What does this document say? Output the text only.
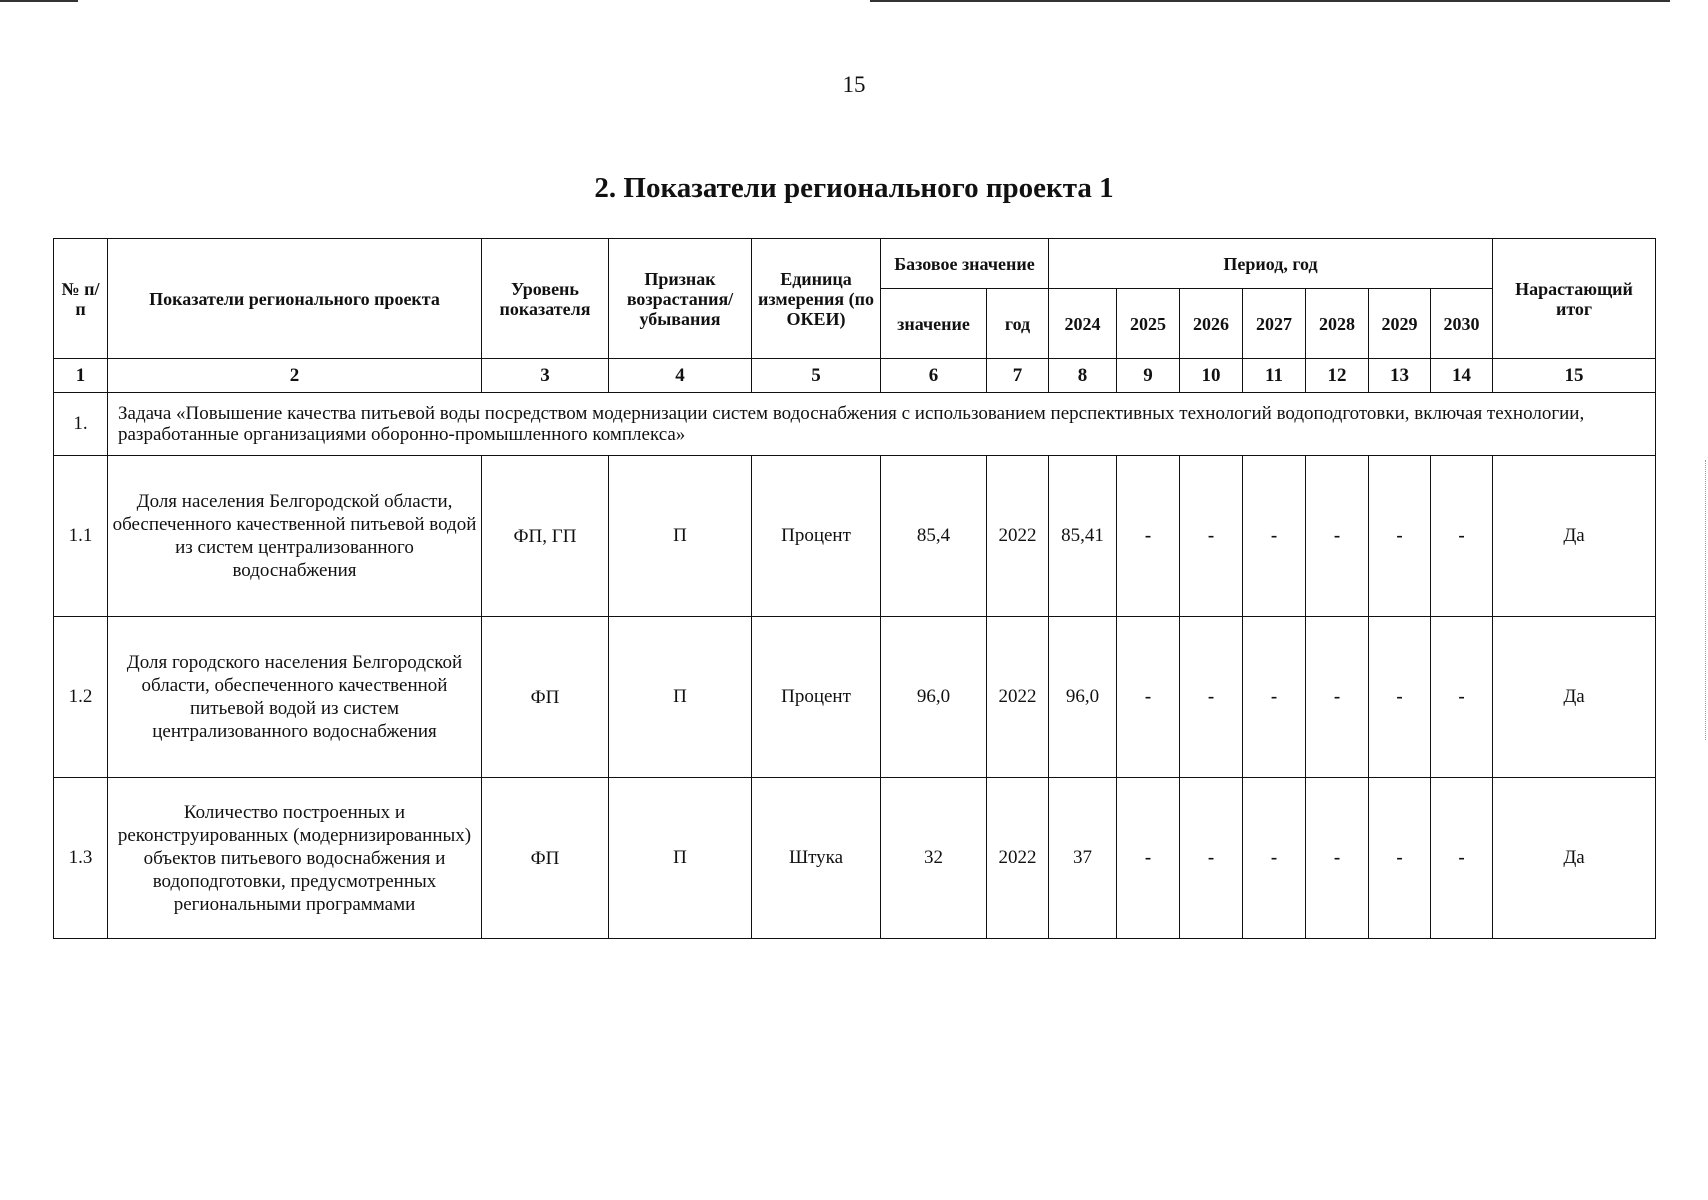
15
2. Показатели регионального проекта 1
№ п/п	Показатели регионального проекта	Уровень показателя	Признак возрастания/ убывания	Единица измерения (по ОКЕИ)	Базовое значение		Период, год							Нарастающий итог
					значение	год	2024	2025	2026	2027	2028	2029	2030	
1	2	3	4	5	6	7	8	9	10	11	12	13	14	15
1.	Задача «Повышение качества питьевой воды посредством модернизации систем водоснабжения с использованием перспективных технологий водоподготовки, включая технологии, разработанные организациями оборонно-промышленного комплекса»													
1.1	Доля населения Белгородской области, обеспеченного качественной питьевой водой из систем централизованного водоснабжения	ФП, ГП	П	Процент	85,4	2022	85,41	-	-	-	-	-	-	Да
1.2	Доля городского населения Белгородской области, обеспеченного качественной питьевой водой из систем централизованного водоснабжения	ФП	П	Процент	96,0	2022	96,0	-	-	-	-	-	-	Да
1.3	Количество построенных и реконструированных (модернизированных) объектов питьевого водоснабжения и водоподготовки, предусмотренных региональными программами	ФП	П	Штука	32	2022	37	-	-	-	-	-	-	Да
